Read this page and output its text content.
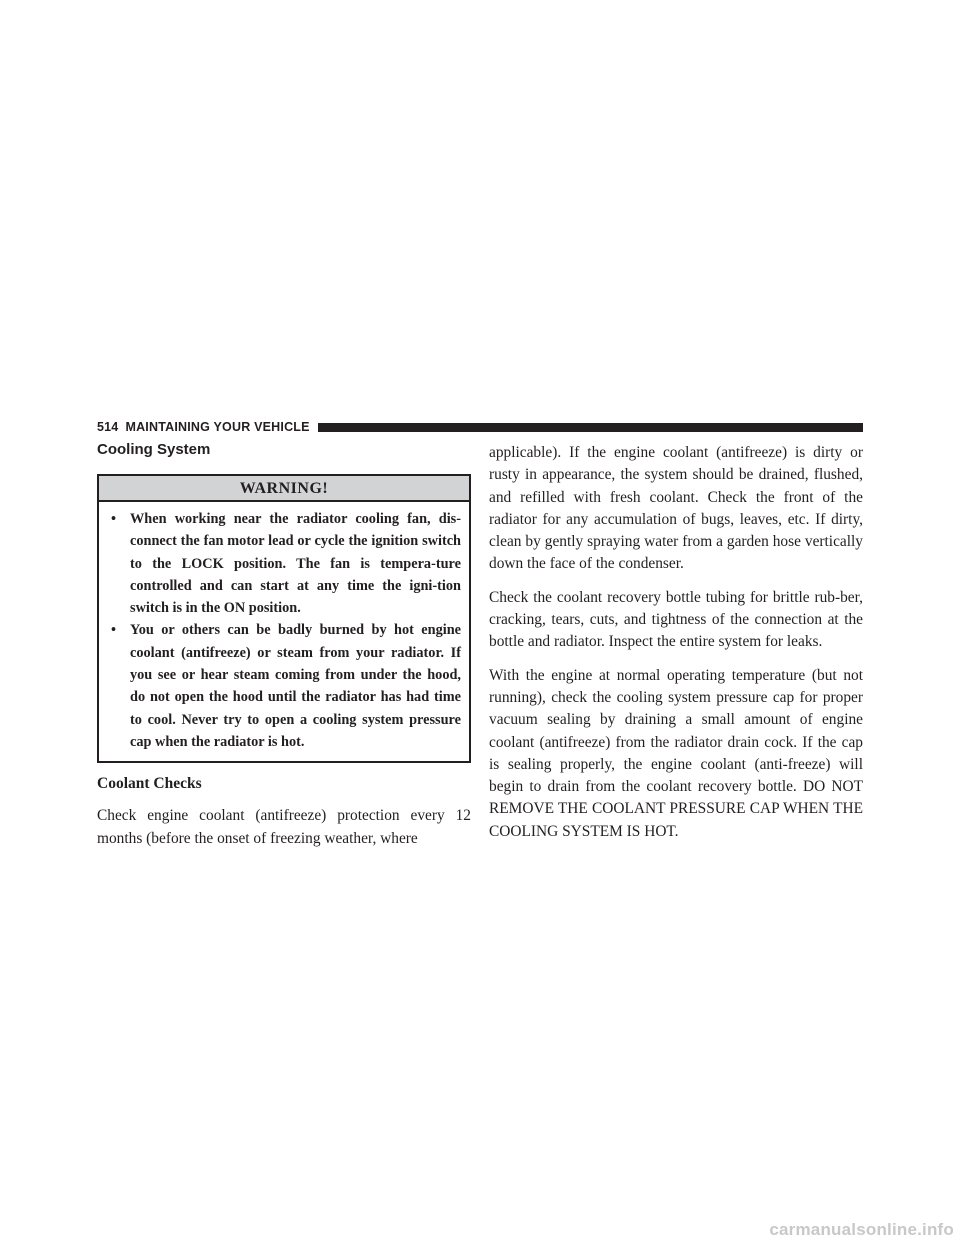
514 MAINTAINING YOUR VEHICLE
Cooling System
WARNING!
• When working near the radiator cooling fan, dis-connect the fan motor lead or cycle the ignition switch to the LOCK position. The fan is tempera-ture controlled and can start at any time the igni-tion switch is in the ON position.
• You or others can be badly burned by hot engine coolant (antifreeze) or steam from your radiator. If you see or hear steam coming from under the hood, do not open the hood until the radiator has had time to cool. Never try to open a cooling system pressure cap when the radiator is hot.
Coolant Checks

Check engine coolant (antifreeze) protection every 12 months (before the onset of freezing weather, where

applicable). If the engine coolant (antifreeze) is dirty or rusty in appearance, the system should be drained, flushed, and refilled with fresh coolant. Check the front of the radiator for any accumulation of bugs, leaves, etc. If dirty, clean by gently spraying water from a garden hose vertically down the face of the condenser.

Check the coolant recovery bottle tubing for brittle rub-ber, cracking, tears, cuts, and tightness of the connection at the bottle and radiator. Inspect the entire system for leaks.

With the engine at normal operating temperature (but not running), check the cooling system pressure cap for proper vacuum sealing by draining a small amount of engine coolant (antifreeze) from the radiator drain cock. If the cap is sealing properly, the engine coolant (anti-freeze) will begin to drain from the coolant recovery bottle. DO NOT REMOVE THE COOLANT PRESSURE CAP WHEN THE COOLING SYSTEM IS HOT.

carmanualsonline.info
